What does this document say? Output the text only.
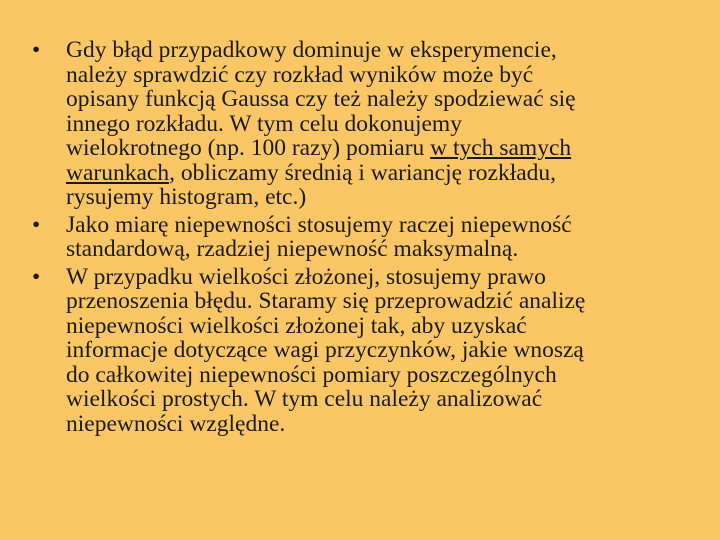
• Gdy błąd przypadkowy dominuje w eksperymencie,
należy sprawdzić czy rozkład wyników może być
opisany funkcją Gaussa czy też należy spodziewać się
innego rozkładu. W tym celu dokonujemy
wielokrotnego (np. 100 razy) pomiaru w tych samych
warunkach, obliczamy średnią i wariancję rozkładu,
rysujemy histogram, etc.)
• Jako miarę niepewności stosujemy raczej niepewność
standardową, rzadziej niepewność maksymalną.
• W przypadku wielkości złożonej, stosujemy prawo
przenoszenia błędu. Staramy się przeprowadzić analizę
niepewności wielkości złożonej tak, aby uzyskać
informacje dotyczące wagi przyczynków, jakie wnoszą
do całkowitej niepewności pomiary poszczególnych
wielkości prostych. W tym celu należy analizować
niepewności względne.
